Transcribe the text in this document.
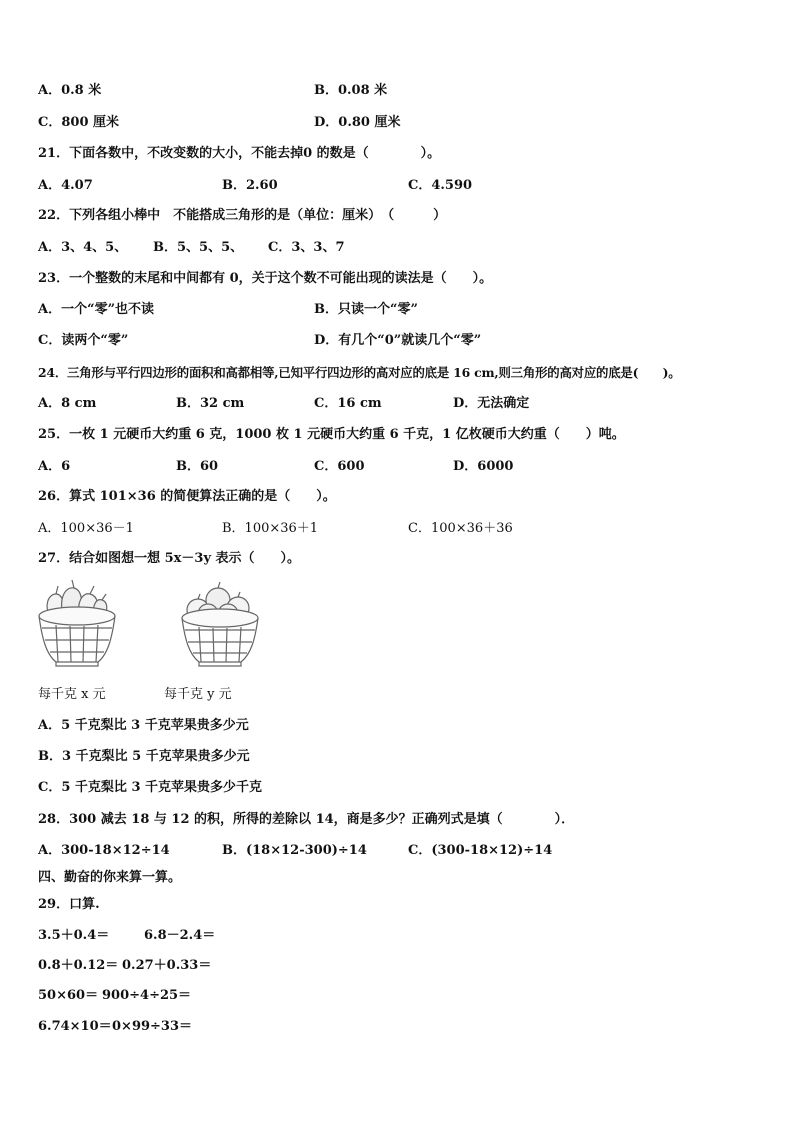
A．0.8 米	B．0.08 米
C．800 厘米	D．0.80 厘米
21．下面各数中，不改变数的大小，不能去掉0 的数是（　　　　）。
A．4.07	B．2.60	C．4.590
22．下列各组小棒中　不能搭成三角形的是（单位：厘米）　（　　　）
A．3、4、5、 B．5、5、5、 C．3、3、7
23．一个整数的末尾和中间都有 0，关于这个数不可能出现的读法是（　　）。
A．一个“零”也不读	B．只读一个“零”
C．读两个“零”	D．有几个“0”就读几个“零”
24．三角形与平行四边形的面积和高都相等,已知平行四边形的高对应的底是 16 cm,则三角形的高对应的底是(　　)。
A．8 cm	B．32 cm	C．16 cm	D．无法确定
25．一枚 1 元硬币大约重 6 克，1000 枚 1 元硬币大约重 6 千克，1 亿枚硬币大约重（　　）吨。
A．6	B．60	C．600	D．6000
26．算式 101×36 的简便算法正确的是（　　）。
A．100×36－1	B．100×36＋1	C．100×36＋36
27．结合如图想一想 5x－3y 表示（　　）。
每千克 x 元	每千克 y 元
A．5 千克梨比 3 千克苹果贵多少元
B．3 千克梨比 5 千克苹果贵多少元
C．5 千克梨比 3 千克苹果贵多少千克
28．300 减去 18 与 12 的积，所得的差除以 14，商是多少？正确列式是填（　　　　）．
A．300-18×12÷14	B．(18×12-300)÷14	C．(300-18×12)÷14
四、勤奋的你来算一算。
29．口算.
3.5＋0.4＝	6.8－2.4＝
0.8＋0.12＝ 0.27＋0.33＝
50×60＝ 900÷4÷25＝
6.74×10＝ 0×99÷33＝
